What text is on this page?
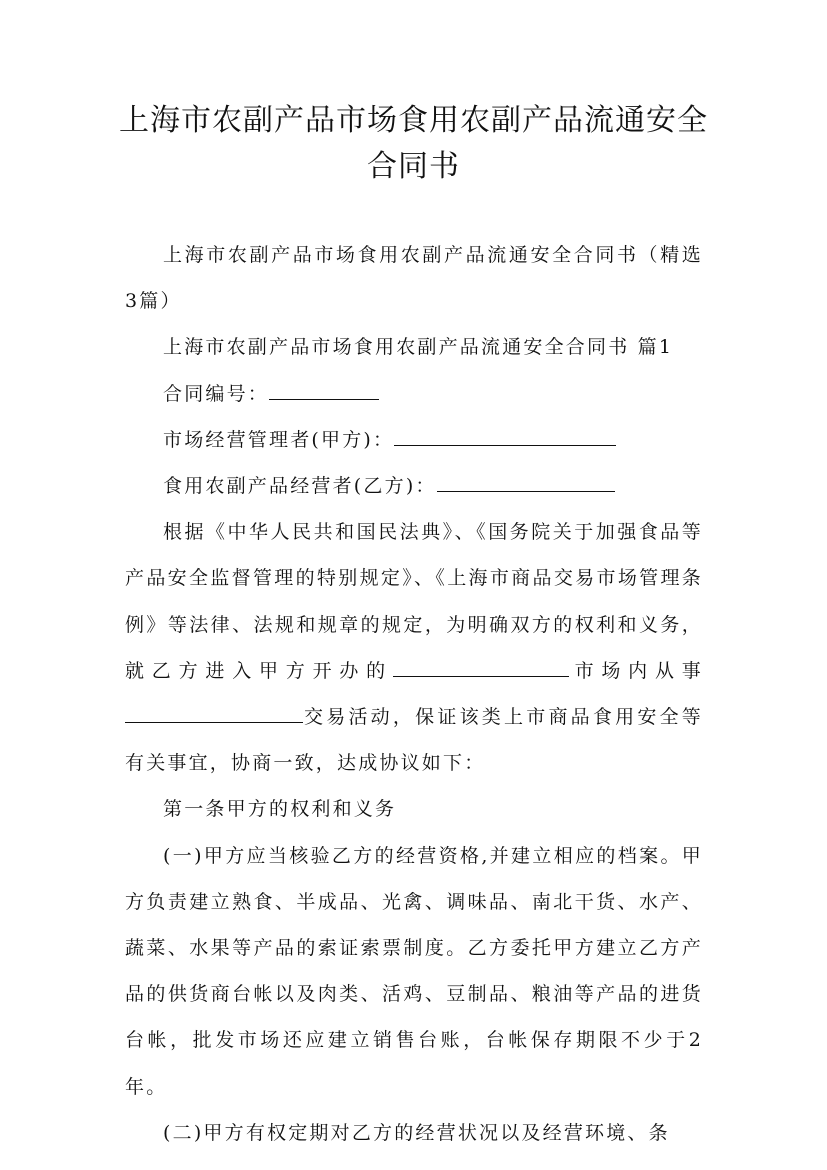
上海市农副产品市场食用农副产品流通安全合同书

上海市农副产品市场食用农副产品流通安全合同书（精选3篇）

上海市农副产品市场食用农副产品流通安全合同书 篇1

合同编号：

市场经营管理者(甲方)：

食用农副产品经营者(乙方)：

根据《中华人民共和国民法典》、《国务院关于加强食品等产品安全监督管理的特别规定》、《上海市商品交易市场管理条例》等法律、法规和规章的规定，为明确双方的权利和义务，就乙方进入甲方开办的	市场内从事 交易活动，保证该类上市商品食用安全等有关事宜，协商一致，达成协议如下：

第一条甲方的权利和义务

(一)甲方应当核验乙方的经营资格,并建立相应的档案。甲方负责建立熟食、半成品、光禽、调味品、南北干货、水产、蔬菜、水果等产品的索证索票制度。乙方委托甲方建立乙方产品的供货商台帐以及肉类、活鸡、豆制品、粮油等产品的进货台帐，批发市场还应建立销售台账，台帐保存期限不少于2年。

(二)甲方有权定期对乙方的经营状况以及经营环境、条
